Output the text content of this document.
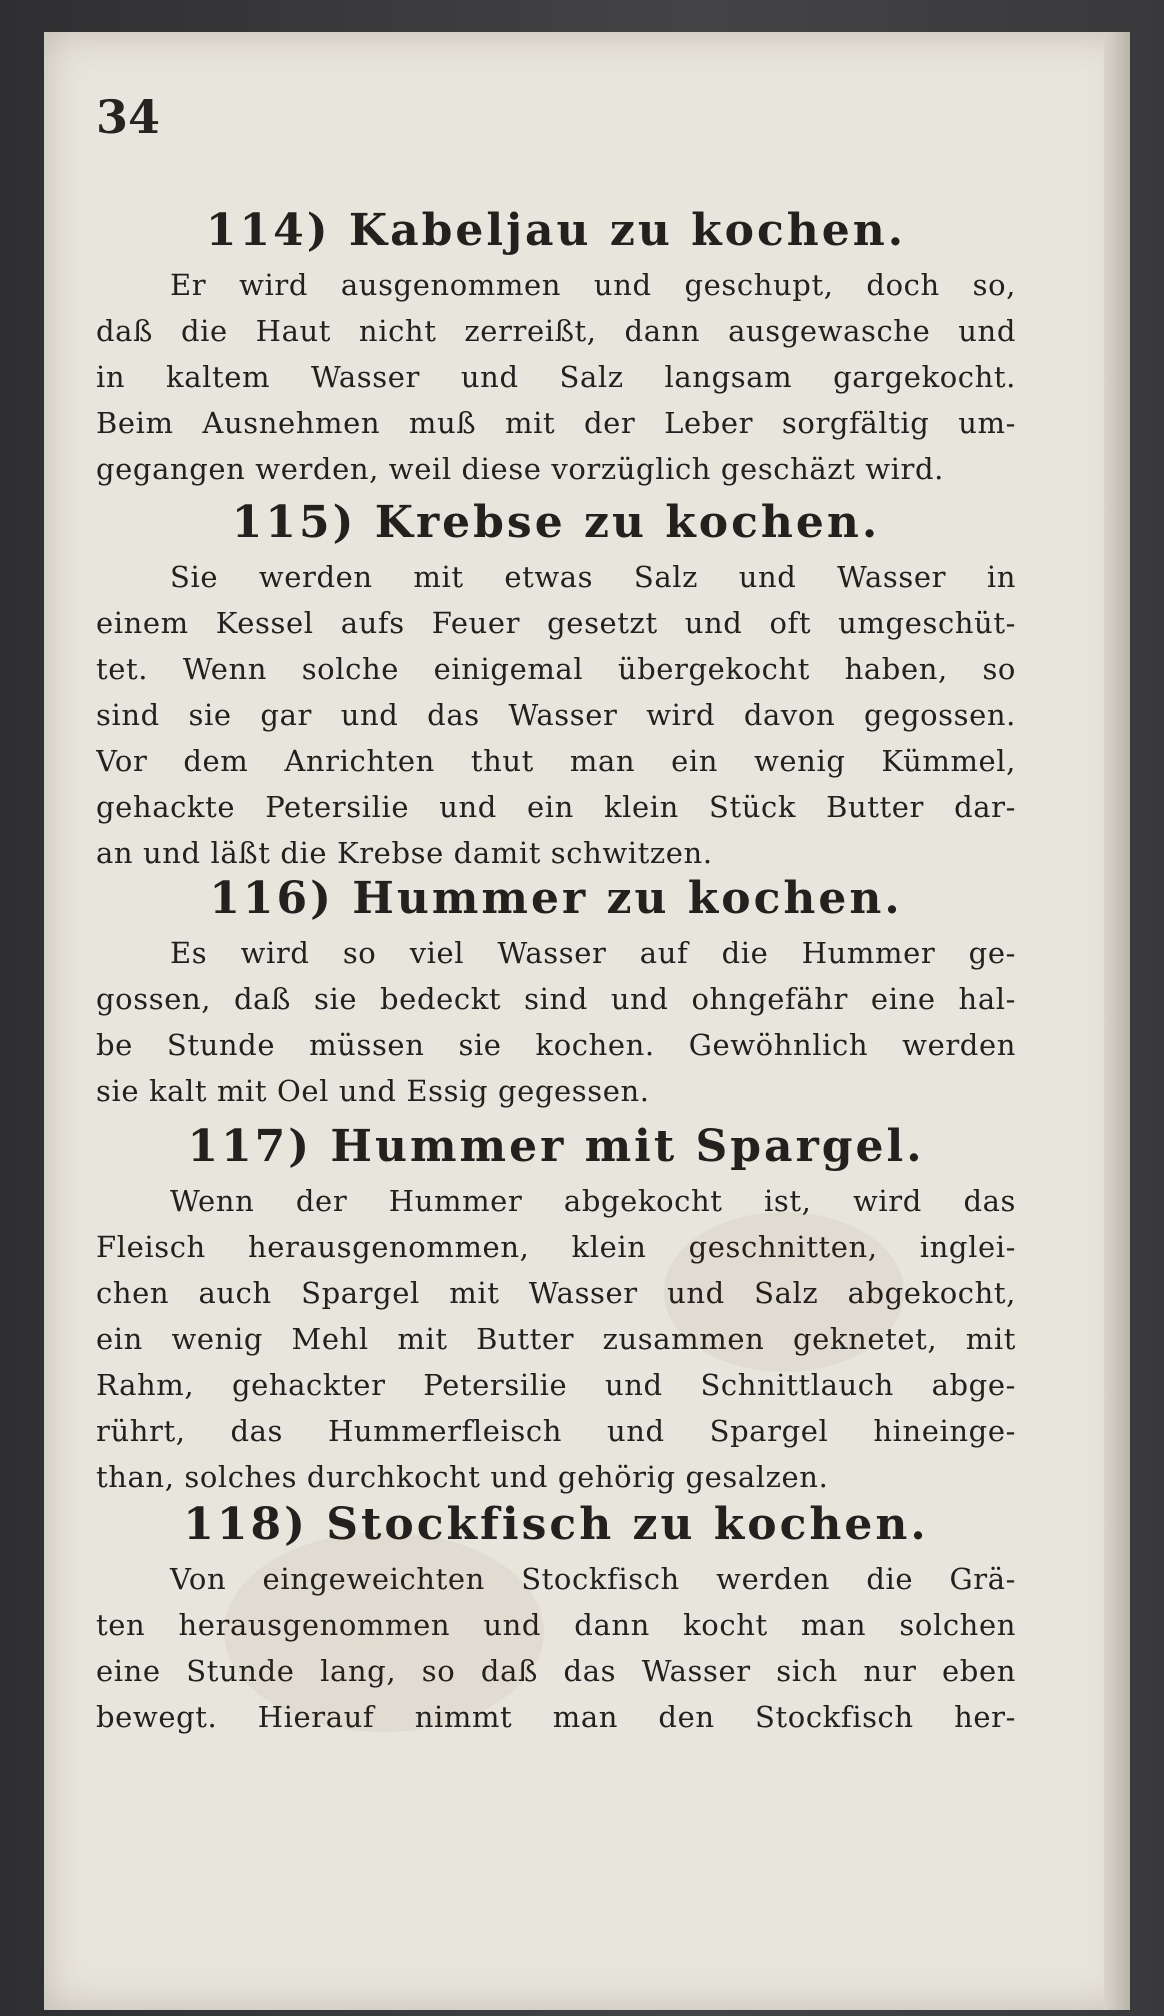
34
114) Kabeljau zu kochen.
Er wird ausgenommen und geschupt, doch so,
daß die Haut nicht zerreißt, dann ausgewasche und
in kaltem Wasser und Salz langsam gargekocht.
Beim Ausnehmen muß mit der Leber sorgfältig um-
gegangen werden, weil diese vorzüglich geschäzt wird.
115) Krebse zu kochen.
Sie werden mit etwas Salz und Wasser in
einem Kessel aufs Feuer gesetzt und oft umgeschüt-
tet. Wenn solche einigemal übergekocht haben, so
sind sie gar und das Wasser wird davon gegossen.
Vor dem Anrichten thut man ein wenig Kümmel,
gehackte Petersilie und ein klein Stück Butter dar-
an und läßt die Krebse damit schwitzen.
116) Hummer zu kochen.
Es wird so viel Wasser auf die Hummer ge-
gossen, daß sie bedeckt sind und ohngefähr eine hal-
be Stunde müssen sie kochen. Gewöhnlich werden
sie kalt mit Oel und Essig gegessen.
117) Hummer mit Spargel.
Wenn der Hummer abgekocht ist, wird das
Fleisch herausgenommen, klein geschnitten, inglei-
chen auch Spargel mit Wasser und Salz abgekocht,
ein wenig Mehl mit Butter zusammen geknetet, mit
Rahm, gehackter Petersilie und Schnittlauch abge-
rührt, das Hummerfleisch und Spargel hineinge-
than, solches durchkocht und gehörig gesalzen.
118) Stockfisch zu kochen.
Von eingeweichten Stockfisch werden die Grä-
ten herausgenommen und dann kocht man solchen
eine Stunde lang, so daß das Wasser sich nur eben
bewegt. Hierauf nimmt man den Stockfisch her-
